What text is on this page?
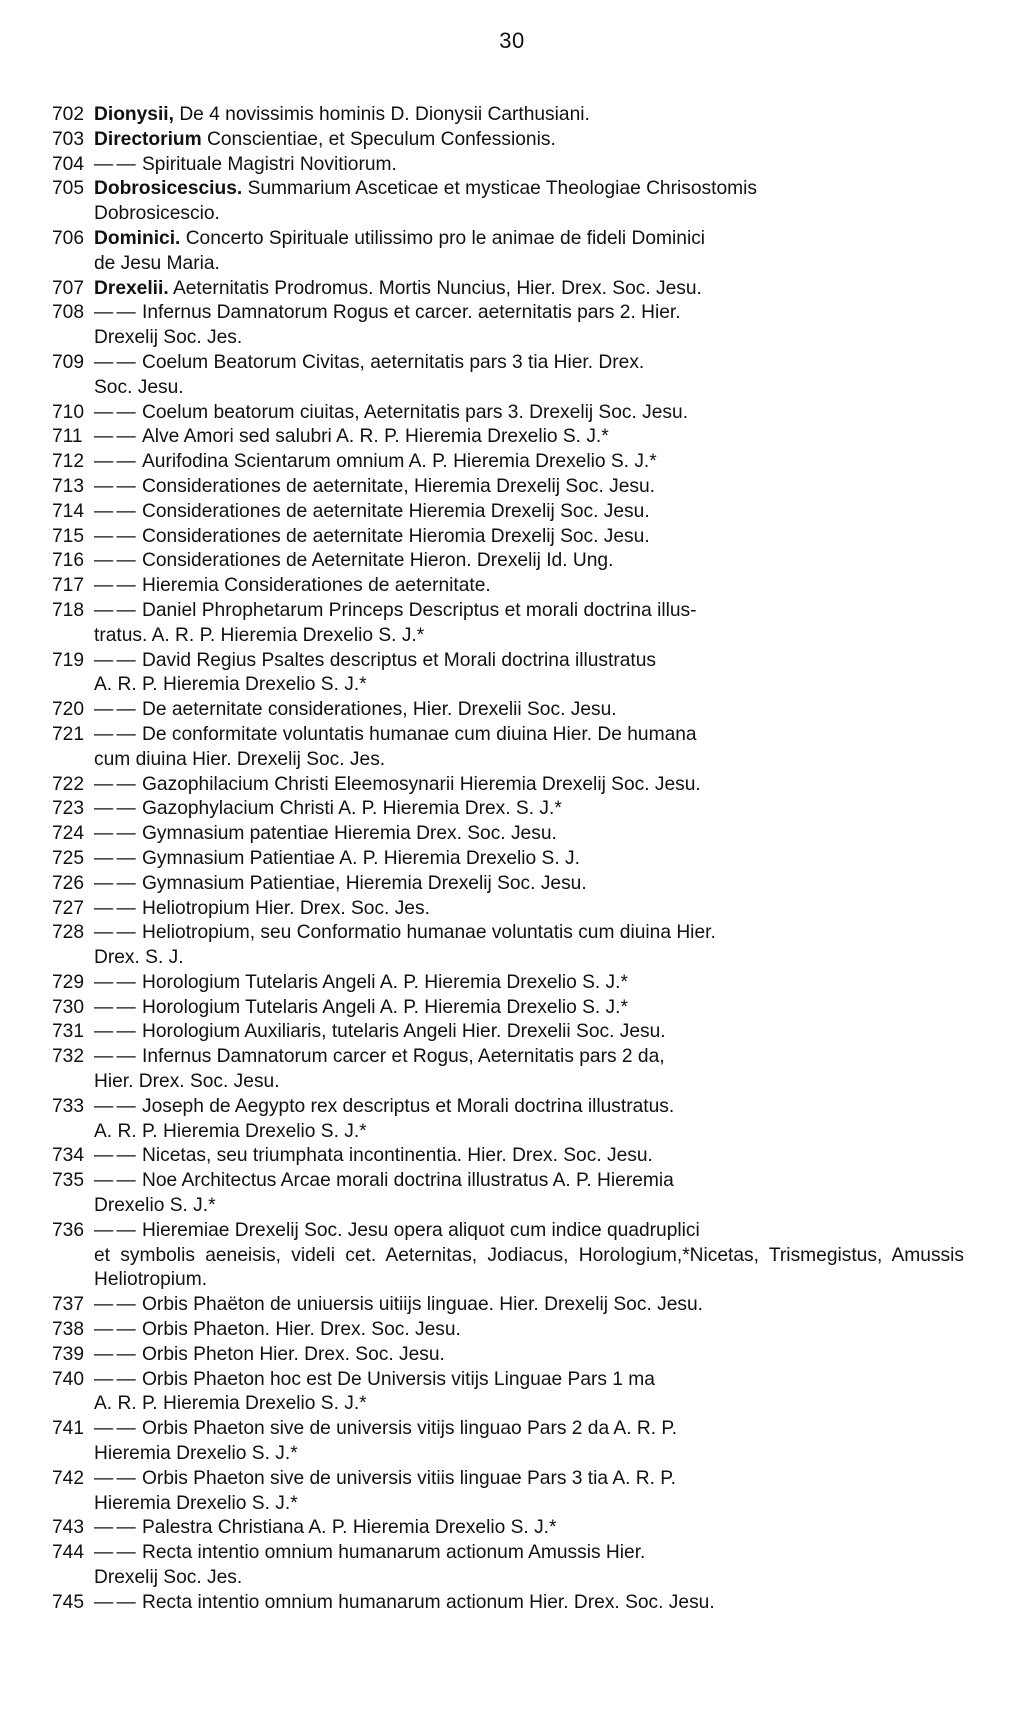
30
702 Dionysii, De 4 novissimis hominis D. Dionysii Carthusiani.
703 Directorium Conscientiae, et Speculum Confessionis.
704 — — Spirituale Magistri Novitiorum.
705 Dobrosicescius. Summarium Asceticae et mysticae Theologiae Chrisostomis
Dobrosicescio.
706 Dominici. Concerto Spirituale utilissimo pro le animae de fideli Dominici
de Jesu Maria.
707 Drexelii. Aeternitatis Prodromus. Mortis Nuncius, Hier. Drex. Soc. Jesu.
708 — — Infernus Damnatorum Rogus et carcer. aeternitatis pars 2. Hier.
Drexelij Soc. Jes.
709 — — Coelum Beatorum Civitas, aeternitatis pars 3 tia Hier. Drex.
Soc. Jesu.
710 — — Coelum beatorum ciuitas, Aeternitatis pars 3. Drexelij Soc. Jesu.
711 — — Alve Amori sed salubri A. R. P. Hieremia Drexelio S. J.*
712 — — Aurifodina Scientarum omnium A. P. Hieremia Drexelio S. J.*
713 — — Considerationes de aeternitate, Hieremia Drexelij Soc. Jesu.
714 — — Considerationes de aeternitate Hieremia Drexelij Soc. Jesu.
715 — — Considerationes de aeternitate Hieromia Drexelij Soc. Jesu.
716 — — Considerationes de Aeternitate Hieron. Drexelij Id. Ung.
717 — — Hieremia Considerationes de aeternitate.
718 — — Daniel Phrophetarum Princeps Descriptus et morali doctrina illus-
tratus. A. R. P. Hieremia Drexelio S. J.*
719 — — David Regius Psaltes descriptus et Morali doctrina illustratus
A. R. P. Hieremia Drexelio S. J.*
720 — — De aeternitate considerationes, Hier. Drexelii Soc. Jesu.
721 — — De conformitate voluntatis humanae cum diuina Hier. De humana
cum diuina Hier. Drexelij Soc. Jes.
722 — — Gazophilacium Christi Eleemosynarii Hieremia Drexelij Soc. Jesu.
723 — — Gazophylacium Christi A. P. Hieremia Drex. S. J.*
724 — — Gymnasium patentiae Hieremia Drex. Soc. Jesu.
725 — — Gymnasium Patientiae A. P. Hieremia Drexelio S. J.
726 — — Gymnasium Patientiae, Hieremia Drexelij Soc. Jesu.
727 — — Heliotropium Hier. Drex. Soc. Jes.
728 — — Heliotropium, seu Conformatio humanae voluntatis cum diuina Hier.
Drex. S. J.
729 — — Horologium Tutelaris Angeli A. P. Hieremia Drexelio S. J.*
730 — — Horologium Tutelaris Angeli A. P. Hieremia Drexelio S. J.*
731 — — Horologium Auxiliaris, tutelaris Angeli Hier. Drexelii Soc. Jesu.
732 — — Infernus Damnatorum carcer et Rogus, Aeternitatis pars 2 da,
Hier. Drex. Soc. Jesu.
733 — — Joseph de Aegypto rex descriptus et Morali doctrina illustratus.
A. R. P. Hieremia Drexelio S. J.*
734 — — Nicetas, seu triumphata incontinentia. Hier. Drex. Soc. Jesu.
735 — — Noe Architectus Arcae morali doctrina illustratus A. P. Hieremia
Drexelio S. J.*
736 — — Hieremiae Drexelij Soc. Jesu opera aliquot cum indice quadruplici
et symbolis aeneisis, videli cet. Aeternitas, Jodiacus, Horologium,*Nicetas, Trismegistus, Amussis Heliotropium.
737 — — Orbis Phaëton de uniuersis uitiijs linguae. Hier. Drexelij Soc. Jesu.
738 — — Orbis Phaeton. Hier. Drex. Soc. Jesu.
739 — — Orbis Pheton Hier. Drex. Soc. Jesu.
740 — — Orbis Phaeton hoc est De Universis vitijs Linguae Pars 1 ma
A. R. P. Hieremia Drexelio S. J.*
741 — — Orbis Phaeton sive de universis vitijs linguao Pars 2 da A. R. P.
Hieremia Drexelio S. J.*
742 — — Orbis Phaeton sive de universis vitiis linguae Pars 3 tia A. R. P.
Hieremia Drexelio S. J.*
743 — — Palestra Christiana A. P. Hieremia Drexelio S. J.*
744 — — Recta intentio omnium humanarum actionum Amussis Hier.
Drexelij Soc. Jes.
745 — — Recta intentio omnium humanarum actionum Hier. Drex. Soc. Jesu.
